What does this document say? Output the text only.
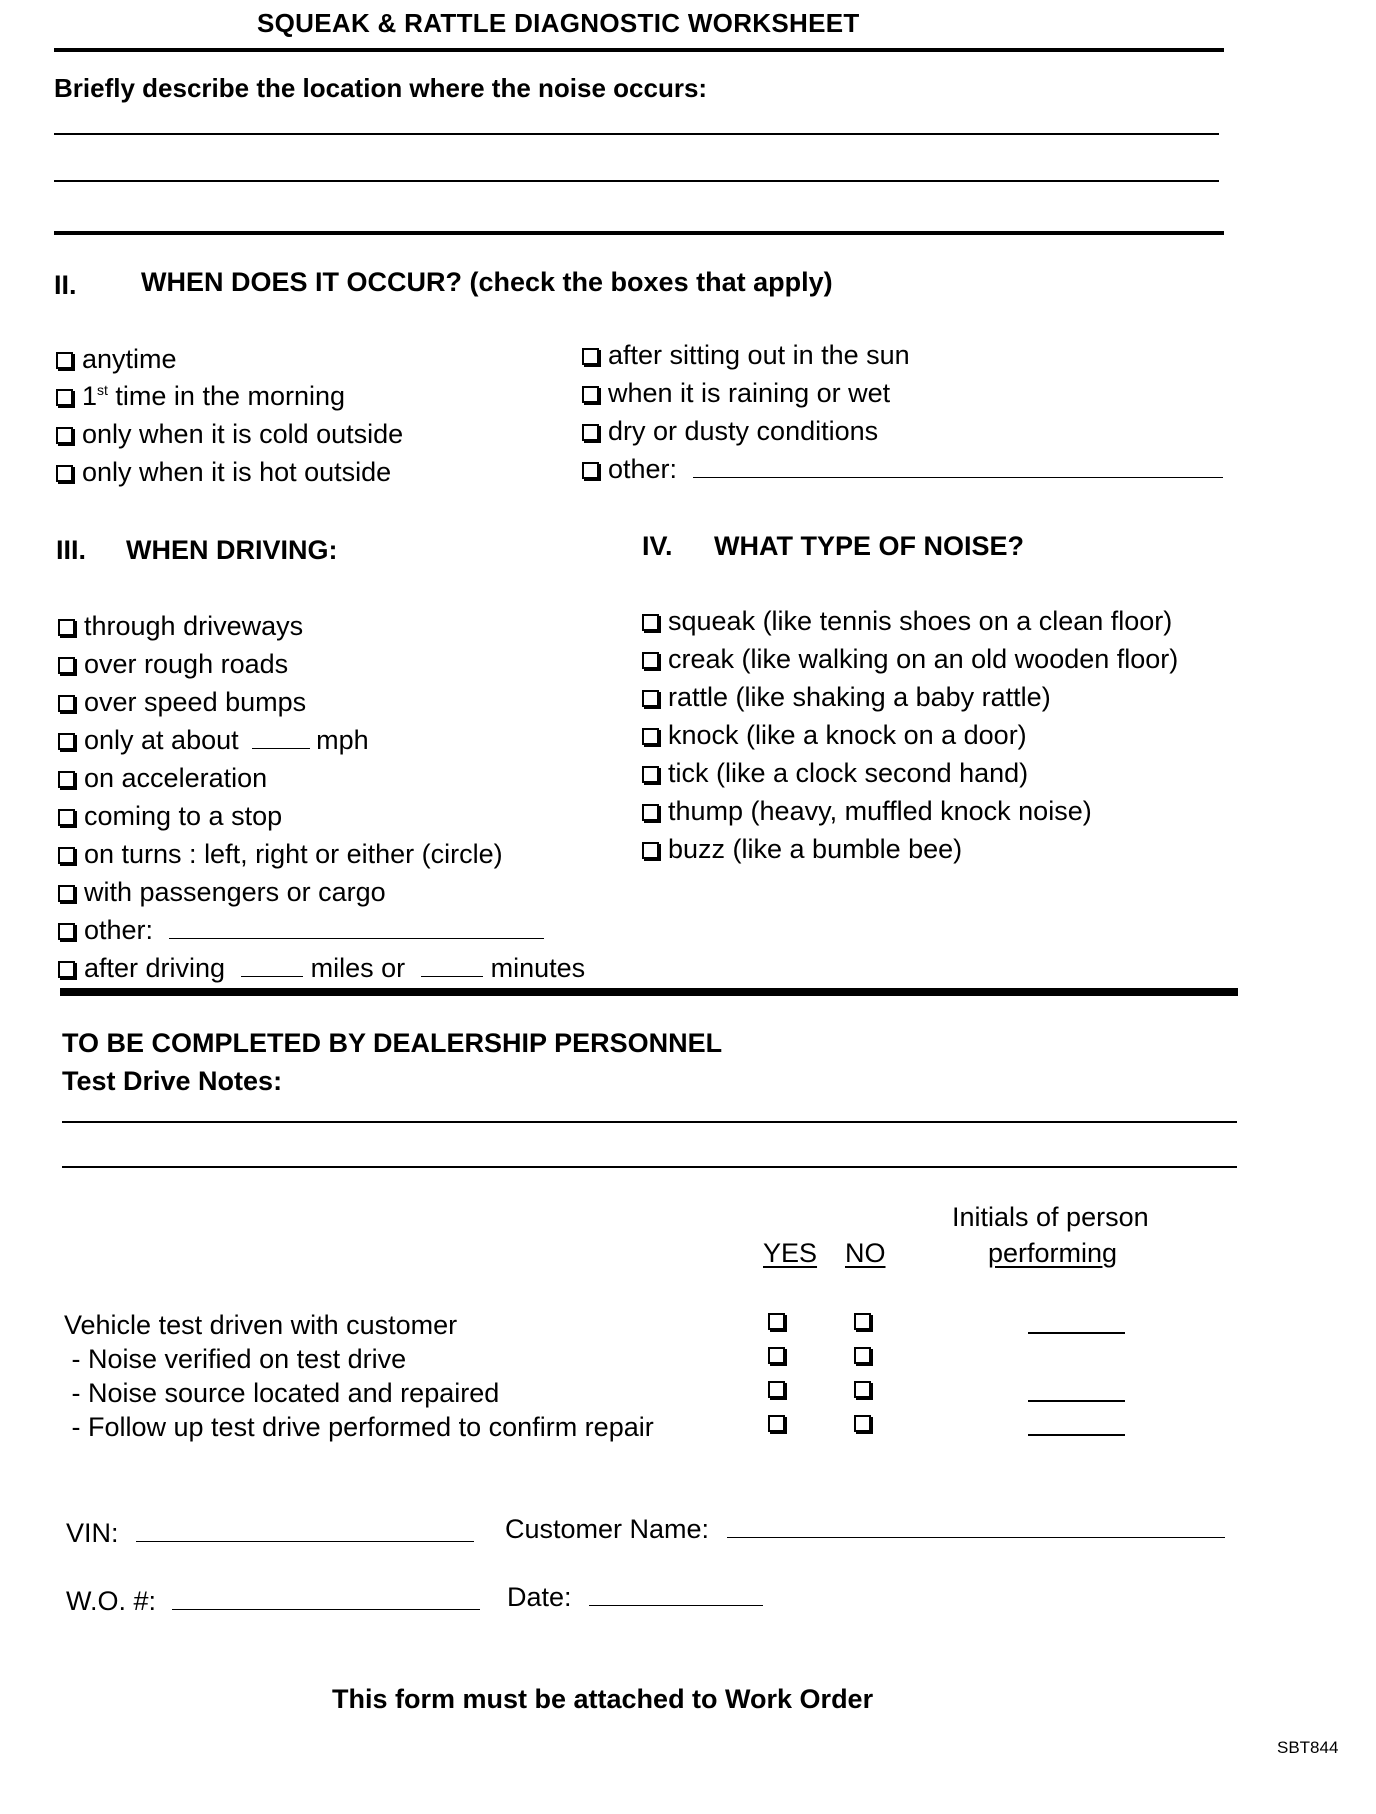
SQUEAK & RATTLE DIAGNOSTIC WORKSHEET
Briefly describe the location where the noise occurs:
II. WHEN DOES IT OCCUR? (check the boxes that apply)
anytime
1st time in the morning
only when it is cold outside
only when it is hot outside
after sitting out in the sun
when it is raining or wet
dry or dusty conditions
other:
III. WHEN DRIVING:
through driveways
over rough roads
over speed bumps
only at about	mph
on acceleration
coming to a stop
on turns : left, right or either (circle)
with passengers or cargo
other:
after driving	miles or	minutes
IV. WHAT TYPE OF NOISE?
squeak (like tennis shoes on a clean floor)
creak (like walking on an old wooden floor)
rattle (like shaking a baby rattle)
knock (like a knock on a door)
tick (like a clock second hand)
thump (heavy, muffled knock noise)
buzz (like a bumble bee)
TO BE COMPLETED BY DEALERSHIP PERSONNEL
Test Drive Notes:
YES NO
Initials of person
performing
Vehicle test driven with customer
- Noise verified on test drive
- Noise source located and repaired
- Follow up test drive performed to confirm repair
VIN:	Customer Name:
W.O. #:	Date:
This form must be attached to Work Order
SBT844
